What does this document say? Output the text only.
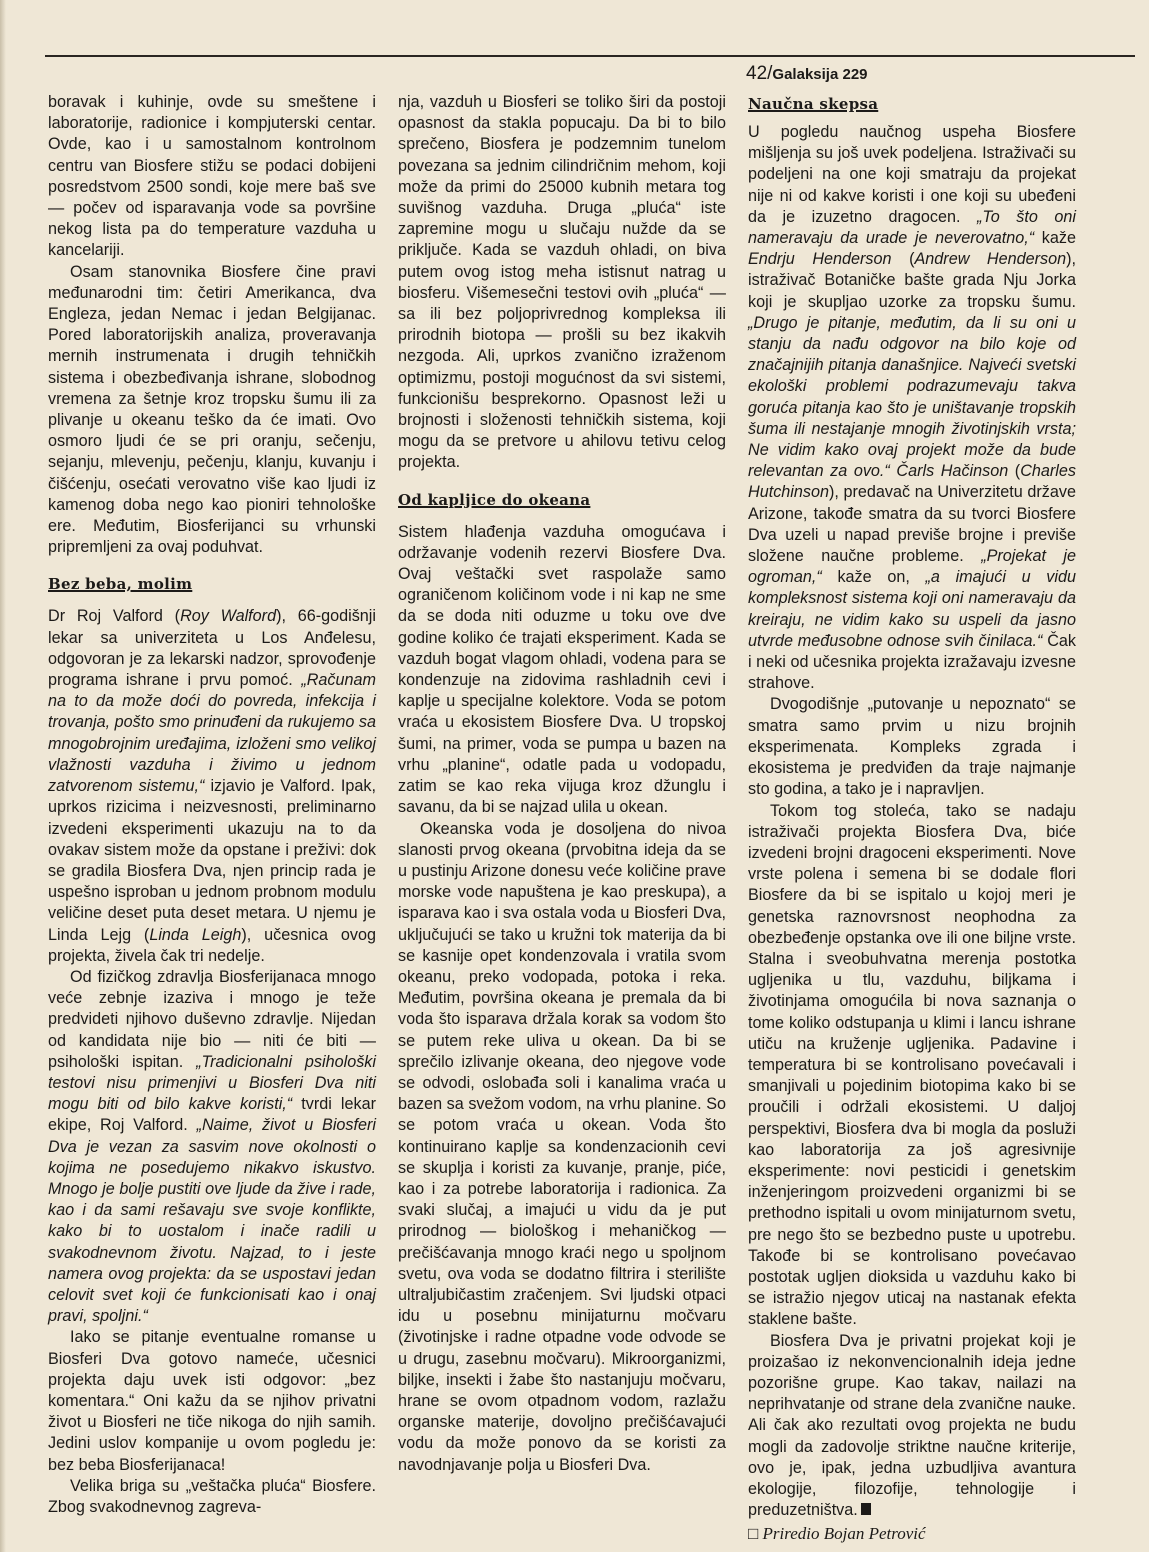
42/Galaksija 229

boravak i kuhinje, ovde su smeštene i laboratorije, radionice i kompjuterski centar. Ovde, kao i u samostalnom kontrolnom centru van Biosfere stižu se podaci dobijeni posredstvom 2500 sondi, koje mere baš sve — počev od isparavanja vode sa površine nekog lista pa do temperature vazduha u kancelariji.

Osam stanovnika Biosfere čine pravi međunarodni tim: četiri Amerikanca, dva Engleza, jedan Nemac i jedan Belgijanac. Pored laboratorijskih analiza, proveravanja mernih instrumenata i drugih tehničkih sistema i obezbeđivanja ishrane, slobodnog vremena za šetnje kroz tropsku šumu ili za plivanje u okeanu teško da će imati. Ovo osmoro ljudi će se pri oranju, sečenju, sejanju, mlevenju, pečenju, klanju, kuvanju i čišćenju, osećati verovatno više kao ljudi iz kamenog doba nego kao pioniri tehnološke ere. Međutim, Biosferijanci su vrhunski pripremljeni za ovaj poduhvat.

Bez beba, molim

Dr Roj Valford (Roy Walford), 66-godišnji lekar sa univerziteta u Los Anđelesu, odgovoran je za lekarski nadzor, sprovođenje programa ishrane i prvu pomoć. „Računam na to da može doći do povreda, infekcija i trovanja, pošto smo prinuđeni da rukujemo sa mnogobrojnim uređajima, izloženi smo velikoj vlažnosti vazduha i živimo u jednom zatvorenom sistemu,“ izjavio je Valford. Ipak, uprkos rizicima i neizvesnosti, preliminarno izvedeni eksperimenti ukazuju na to da ovakav sistem može da opstane i preživi: dok se gradila Biosfera Dva, njen princip rada je uspešno isproban u jednom probnom modulu veličine deset puta deset metara. U njemu je Linda Lejg (Linda Leigh), učesnica ovog projekta, živela čak tri nedelje.

Od fizičkog zdravlja Biosferijanaca mnogo veće zebnje izaziva i mnogo je teže predvideti njihovo duševno zdravlje. Nijedan od kandidata nije bio — niti će biti — psihološki ispitan. „Tradicionalni psihološki testovi nisu primenjivi u Biosferi Dva niti mogu biti od bilo kakve koristi,“ tvrdi lekar ekipe, Roj Valford. „Naime, život u Biosferi Dva je vezan za sasvim nove okolnosti o kojima ne posedujemo nikakvo iskustvo. Mnogo je bolje pustiti ove ljude da žive i rade, kao i da sami rešavaju sve svoje konflikte, kako bi to uostalom i inače radili u svakodnevnom životu. Najzad, to i jeste namera ovog projekta: da se uspostavi jedan celovit svet koji će funkcionisati kao i onaj pravi, spoljni.“

Iako se pitanje eventualne romanse u Biosferi Dva gotovo nameće, učesnici projekta daju uvek isti odgovor: „bez komentara.“ Oni kažu da se njihov privatni život u Biosferi ne tiče nikoga do njih samih. Jedini uslov kompanije u ovom pogledu je: bez beba Biosferijanaca!

Velika briga su „veštačka pluća“ Biosfere. Zbog svakodnevnog zagreva-

nja, vazduh u Biosferi se toliko širi da postoji opasnost da stakla popucaju. Da bi to bilo sprečeno, Biosfera je podzemnim tunelom povezana sa jednim cilindričnim mehom, koji može da primi do 25000 kubnih metara tog suvišnog vazduha. Druga „pluća“ iste zapremine mogu u slučaju nužde da se priključe. Kada se vazduh ohladi, on biva putem ovog istog meha istisnut natrag u biosferu. Višemesečni testovi ovih „pluća“ — sa ili bez poljoprivrednog kompleksa ili prirodnih biotopa — prošli su bez ikakvih nezgoda. Ali, uprkos zvanično izraženom optimizmu, postoji mogućnost da svi sistemi, funkcionišu besprekorno. Opasnost leži u brojnosti i složenosti tehničkih sistema, koji mogu da se pretvore u ahilovu tetivu celog projekta.

Od kapljice do okeana

Sistem hlađenja vazduha omogućava i održavanje vodenih rezervi Biosfere Dva. Ovaj veštački svet raspolaže samo ograničenom količinom vode i ni kap ne sme da se doda niti oduzme u toku ove dve godine koliko će trajati eksperiment. Kada se vazduh bogat vlagom ohladi, vodena para se kondenzuje na zidovima rashladnih cevi i kaplje u specijalne kolektore. Voda se potom vraća u ekosistem Biosfere Dva. U tropskoj šumi, na primer, voda se pumpa u bazen na vrhu „planine“, odatle pada u vodopadu, zatim se kao reka vijuga kroz džunglu i savanu, da bi se najzad ulila u okean.

Okeanska voda je dosoljena do nivoa slanosti prvog okeana (prvobitna ideja da se u pustinju Arizone donesu veće količine prave morske vode napuštena je kao preskupa), a isparava kao i sva ostala voda u Biosferi Dva, uključujući se tako u kružni tok materija da bi se kasnije opet kondenzovala i vratila svom okeanu, preko vodopada, potoka i reka. Međutim, površina okeana je premala da bi voda što isparava držala korak sa vodom što se putem reke uliva u okean. Da bi se sprečilo izlivanje okeana, deo njegove vode se odvodi, oslobađa soli i kanalima vraća u bazen sa svežom vodom, na vrhu planine. So se potom vraća u okean. Voda što kontinuirano kaplje sa kondenzacionih cevi se skuplja i koristi za kuvanje, pranje, piće, kao i za potrebe laboratorija i radionica. Za svaki slučaj, a imajući u vidu da je put prirodnog — biološkog i mehaničkog — prečišćavanja mnogo kraći nego u spoljnom svetu, ova voda se dodatno filtrira i sterilište ultraljubičastim zračenjem. Svi ljudski otpaci idu u posebnu minijaturnu močvaru (životinjske i radne otpadne vode odvode se u drugu, zasebnu močvaru). Mikroorganizmi, biljke, insekti i žabe što nastanjuju močvaru, hrane se ovom otpadnom vodom, razlažu organske materije, dovoljno prečišćavajući vodu da može ponovo da se koristi za navodnjavanje polja u Biosferi Dva.

Naučna skepsa

U pogledu naučnog uspeha Biosfere mišljenja su još uvek podeljena. Istraživači su podeljeni na one koji smatraju da projekat nije ni od kakve koristi i one koji su ubeđeni da je izuzetno dragocen. „To što oni nameravaju da urade je neverovatno,“ kaže Endrju Henderson (Andrew Henderson), istraživač Botaničke bašte grada Nju Jorka koji je skupljao uzorke za tropsku šumu. „Drugo je pitanje, međutim, da li su oni u stanju da nađu odgovor na bilo koje od značajnijih pitanja današnjice. Najveći svetski ekološki problemi podrazumevaju takva goruća pitanja kao što je uništavanje tropskih šuma ili nestajanje mnogih životinjskih vrsta; Ne vidim kako ovaj projekt može da bude relevantan za ovo.“ Čarls Hačinson (Charles Hutchinson), predavač na Univerzitetu države Arizone, takođe smatra da su tvorci Biosfere Dva uzeli u napad previše brojne i previše složene naučne probleme. „Projekat je ogroman,“ kaže on, „a imajući u vidu kompleksnost sistema koji oni nameravaju da kreiraju, ne vidim kako su uspeli da jasno utvrde međusobne odnose svih činilaca.“ Čak i neki od učesnika projekta izražavaju izvesne strahove.

Dvogodišnje „putovanje u nepoznato“ se smatra samo prvim u nizu brojnih eksperimenata. Kompleks zgrada i ekosistema je predviđen da traje najmanje sto godina, a tako je i napravljen.

Tokom tog stoleća, tako se nadaju istraživači projekta Biosfera Dva, biće izvedeni brojni dragoceni eksperimenti. Nove vrste polena i semena bi se dodale flori Biosfere da bi se ispitalo u kojoj meri je genetska raznovrsnost neophodna za obezbeđenje opstanka ove ili one biljne vrste. Stalna i sveobuhvatna merenja postotka ugljenika u tlu, vazduhu, biljkama i životinjama omogućila bi nova saznanja o tome koliko odstupanja u klimi i lancu ishrane utiču na kruženje ugljenika. Padavine i temperatura bi se kontrolisano povećavali i smanjivali u pojedinim biotopima kako bi se proučili i održali ekosistemi. U daljoj perspektivi, Biosfera dva bi mogla da posluži kao laboratorija za još agresivnije eksperimente: novi pesticidi i genetskim inženjeringom proizvedeni organizmi bi se prethodno ispitali u ovom minijaturnom svetu, pre nego što se bezbedno puste u upotrebu. Takođe bi se kontrolisano povećavao postotak ugljen dioksida u vazduhu kako bi se istražio njegov uticaj na nastanak efekta staklene bašte.

Biosfera Dva je privatni projekat koji je proizašao iz nekonvencionalnih ideja jedne pozorišne grupe. Kao takav, nailazi na neprihvatanje od strane dela zvanične nauke. Ali čak ako rezultati ovog projekta ne budu mogli da zadovolje striktne naučne kriterije, ovo je, ipak, jedna uzbudljiva avantura ekologije, filozofije, tehnologije i preduzetništva.

□ Priredio Bojan Petrović
